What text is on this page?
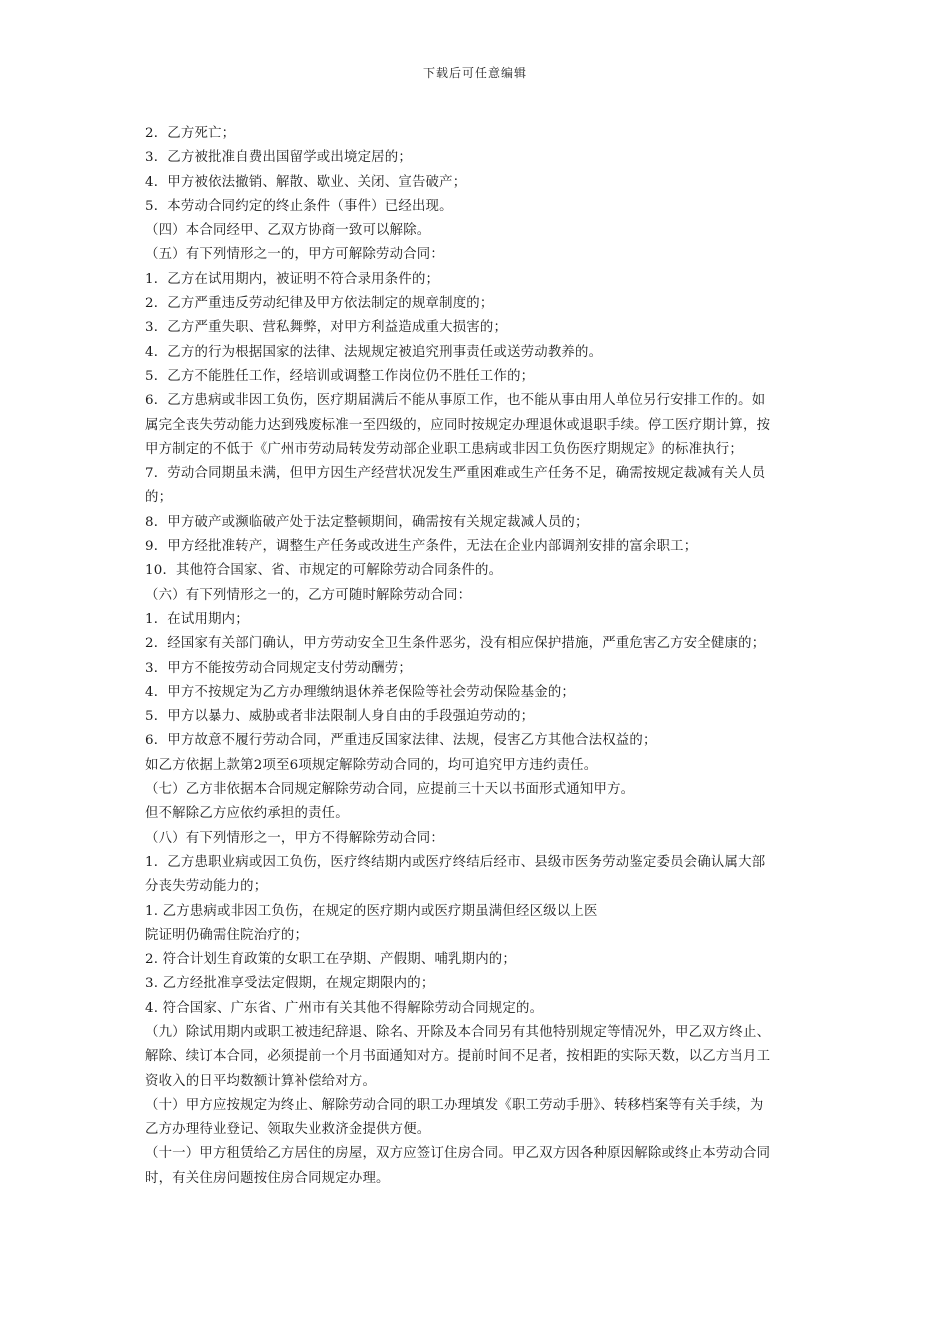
下载后可任意编辑
2．乙方死亡；
3．乙方被批准自费出国留学或出境定居的；
4．甲方被依法撤销、解散、歇业、关闭、宣告破产；
5．本劳动合同约定的终止条件（事件）已经出现。
（四）本合同经甲、乙双方协商一致可以解除。
（五）有下列情形之一的，甲方可解除劳动合同：
1．乙方在试用期内，被证明不符合录用条件的；
2．乙方严重违反劳动纪律及甲方依法制定的规章制度的；
3．乙方严重失职、营私舞弊，对甲方利益造成重大损害的；
4．乙方的行为根据国家的法律、法规规定被追究刑事责任或送劳动教养的。
5．乙方不能胜任工作，经培训或调整工作岗位仍不胜任工作的；
6．乙方患病或非因工负伤，医疗期届满后不能从事原工作，也不能从事由用人单位另行安排工作的。如
属完全丧失劳动能力达到残废标准一至四级的，应同时按规定办理退休或退职手续。停工医疗期计算，按
甲方制定的不低于《广州市劳动局转发劳动部企业职工患病或非因工负伤医疗期规定》的标准执行；
7．劳动合同期虽未满，但甲方因生产经营状况发生严重困难或生产任务不足，确需按规定裁减有关人员
的；
8．甲方破产或濒临破产处于法定整顿期间，确需按有关规定裁减人员的；
9．甲方经批准转产，调整生产任务或改进生产条件，无法在企业内部调剂安排的富余职工；
10．其他符合国家、省、市规定的可解除劳动合同条件的。
（六）有下列情形之一的，乙方可随时解除劳动合同：
1．在试用期内；
2．经国家有关部门确认，甲方劳动安全卫生条件恶劣，没有相应保护措施，严重危害乙方安全健康的；
3．甲方不能按劳动合同规定支付劳动酬劳；
4．甲方不按规定为乙方办理缴纳退休养老保险等社会劳动保险基金的；
5．甲方以暴力、威胁或者非法限制人身自由的手段强迫劳动的；
6．甲方故意不履行劳动合同，严重违反国家法律、法规，侵害乙方其他合法权益的；
如乙方依据上款第2项至6项规定解除劳动合同的，均可追究甲方违约责任。
（七）乙方非依据本合同规定解除劳动合同，应提前三十天以书面形式通知甲方。
但不解除乙方应依约承担的责任。
（八）有下列情形之一，甲方不得解除劳动合同：
1．乙方患职业病或因工负伤，医疗终结期内或医疗终结后经市、县级市医务劳动鉴定委员会确认属大部
分丧失劳动能力的；
1. 乙方患病或非因工负伤，在规定的医疗期内或医疗期虽满但经区级以上医
院证明仍确需住院治疗的；
2. 符合计划生育政策的女职工在孕期、产假期、哺乳期内的；
3. 乙方经批准享受法定假期，在规定期限内的；
4. 符合国家、广东省、广州市有关其他不得解除劳动合同规定的。
（九）除试用期内或职工被违纪辞退、除名、开除及本合同另有其他特别规定等情况外，甲乙双方终止、
解除、续订本合同，必须提前一个月书面通知对方。提前时间不足者，按相距的实际天数，以乙方当月工
资收入的日平均数额计算补偿给对方。
（十）甲方应按规定为终止、解除劳动合同的职工办理填发《职工劳动手册》、转移档案等有关手续，为
乙方办理待业登记、领取失业救济金提供方便。
（十一）甲方租赁给乙方居住的房屋，双方应签订住房合同。甲乙双方因各种原因解除或终止本劳动合同
时，有关住房问题按住房合同规定办理。
